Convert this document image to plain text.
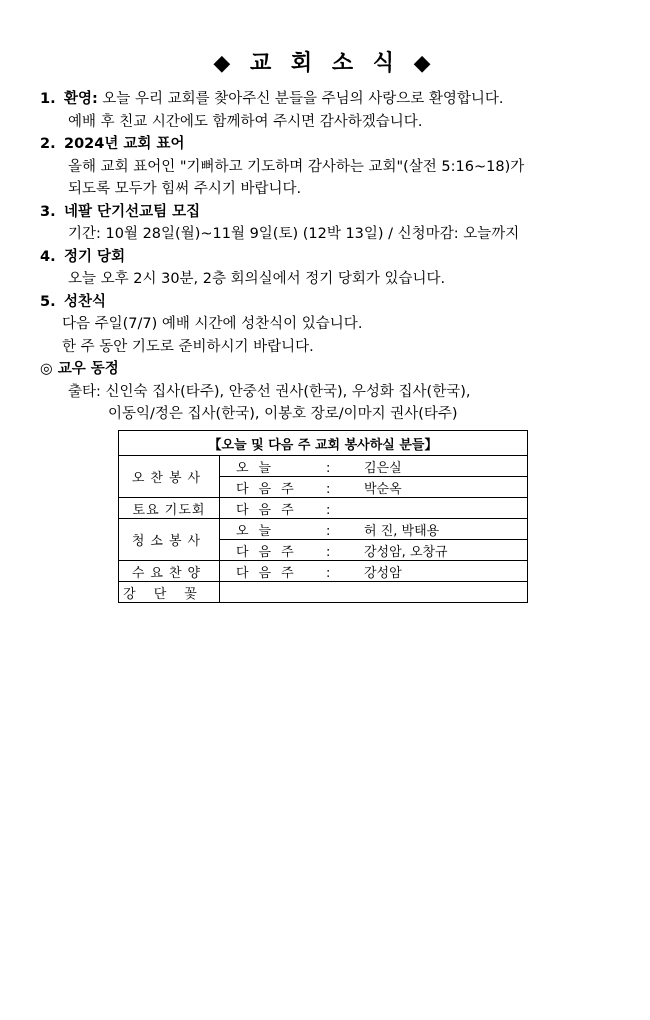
◆ 교 회 소 식 ◆
1. 환영: 오늘 우리 교회를 찾아주신 분들을 주님의 사랑으로 환영합니다.
예배 후 친교 시간에도 함께하여 주시면 감사하겠습니다.
2. 2024년 교회 표어
올해 교회 표어인 "기뻐하고 기도하며 감사하는 교회"(살전 5:16~18)가
되도록 모두가 힘써 주시기 바랍니다.
3. 네팔 단기선교팀 모집
기간: 10월 28일(월)~11월 9일(토) (12박 13일) / 신청마감: 오늘까지
4. 정기 당회
오늘 오후 2시 30분, 2층 회의실에서 정기 당회가 있습니다.
5. 성찬식
다음 주일(7/7) 예배 시간에 성찬식이 있습니다.
한 주 동안 기도로 준비하시기 바랍니다.
◎ 교우 동정
출타: 신인숙 집사(타주), 안중선 권사(한국), 우성화 집사(한국),
이동익/정은 집사(한국), 이봉호 장로/이마지 권사(타주)
【오늘 및 다음 주 교회 봉사하실 분들】	
오찬봉사	오늘 : 김은실
	다음주 : 박순옥
토요 기도회	다음주 :
청소봉사	오늘 : 허 진, 박태용
	다음주 : 강성암, 오창규
수요찬양	다음주 : 강성암
강단꽃	
